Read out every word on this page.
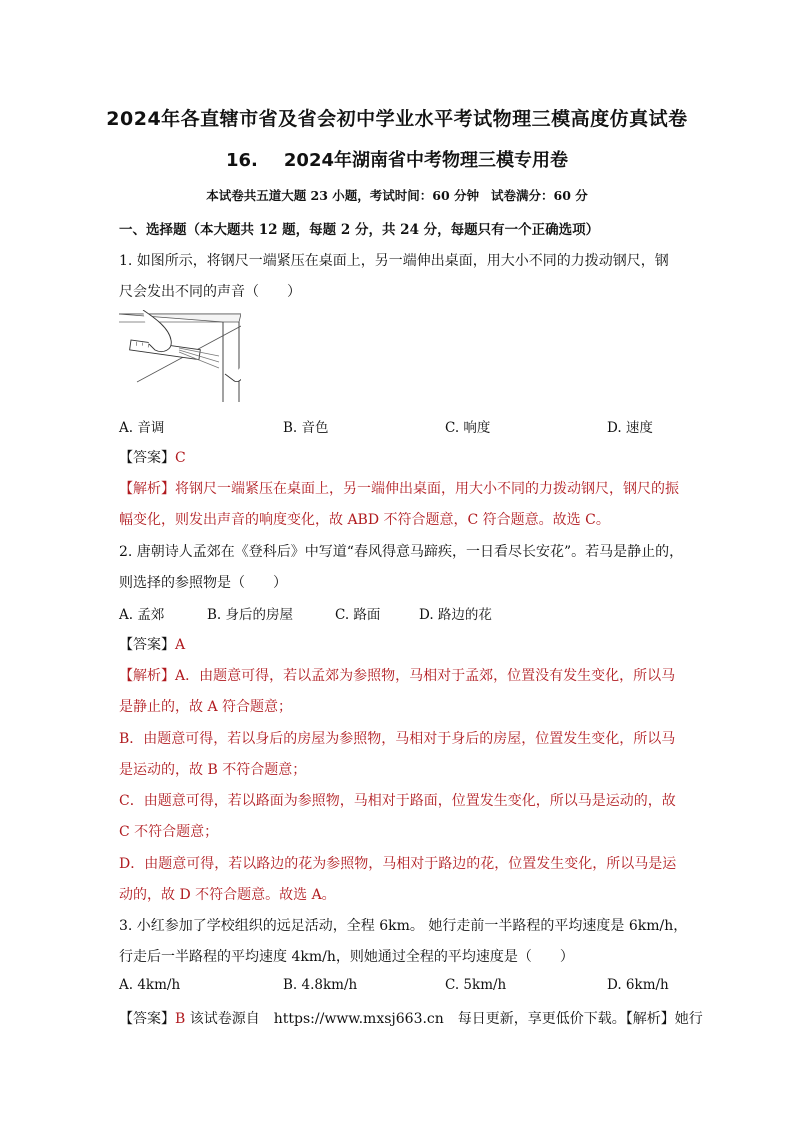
2024年各直辖市省及省会初中学业水平考试物理三模高度仿真试卷
16. 2024年湖南省中考物理三模专用卷
本试卷共五道大题 23 小题，考试时间：60 分钟 试卷满分：60 分
一、选择题（本大题共 12 题，每题 2 分，共 24 分，每题只有一个正确选项）
1. 如图所示，将钢尺一端紧压在桌面上，另一端伸出桌面，用大小不同的力拨动钢尺，钢
尺会发出不同的声音（　　）
A. 音调	B. 音色	C. 响度	D. 速度
【答案】C
【解析】将钢尺一端紧压在桌面上，另一端伸出桌面，用大小不同的力拨动钢尺，钢尺的振
幅变化，则发出声音的响度变化，故 ABD 不符合题意，C 符合题意。故选 C。
2. 唐朝诗人孟郊在《登科后》中写道“春风得意马蹄疾，一日看尽长安花”。若马是静止的，
则选择的参照物是（　　）
A. 孟郊	B. 身后的房屋	C. 路面	D. 路边的花
【答案】A
【解析】A．由题意可得，若以孟郊为参照物，马相对于孟郊，位置没有发生变化，所以马
是静止的，故 A 符合题意；
B．由题意可得，若以身后的房屋为参照物，马相对于身后的房屋，位置发生变化，所以马
是运动的，故 B 不符合题意；
C．由题意可得，若以路面为参照物，马相对于路面，位置发生变化，所以马是运动的，故
C 不符合题意；
D．由题意可得，若以路边的花为参照物，马相对于路边的花，位置发生变化，所以马是运
动的，故 D 不符合题意。故选 A。
3. 小红参加了学校组织的远足活动，全程 6km。 她行走前一半路程的平均速度是 6km/h，
行走后一半路程的平均速度 4km/h，则她通过全程的平均速度是（　　）
A. 4km/h	B. 4.8km/h	C. 5km/h	D. 6km/h
【答案】B 该试卷源自　https://www.mxsj663.cn　每日更新，享更低价下载。【解析】她行
